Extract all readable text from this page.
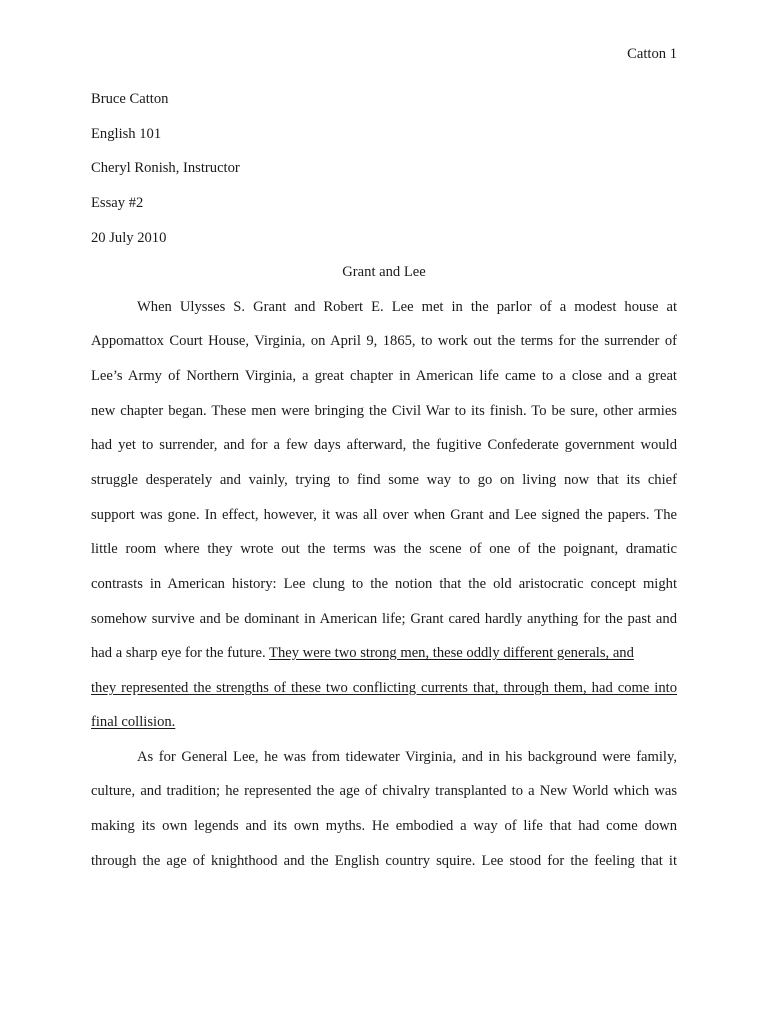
Catton 1
Bruce Catton
English 101
Cheryl Ronish, Instructor
Essay #2
20 July 2010
Grant and Lee
When Ulysses S. Grant and Robert E. Lee met in the parlor of a modest house at
Appomattox Court House, Virginia, on April 9, 1865, to work out the terms for the surrender of
Lee’s Army of Northern Virginia, a great chapter in American life came to a close and a great
new chapter began. These men were bringing the Civil War to its finish. To be sure, other armies
had yet to surrender, and for a few days afterward, the fugitive Confederate government would
struggle desperately and vainly, trying to find some way to go on living now that its chief
support was gone. In effect, however, it was all over when Grant and Lee signed the papers. The
little room where they wrote out the terms was the scene of one of the poignant, dramatic
contrasts in American history: Lee clung to the notion that the old aristocratic concept might
somehow survive and be dominant in American life; Grant cared hardly anything for the past and
had a sharp eye for the future. They were two strong men, these oddly different generals, and
they represented the strengths of these two conflicting currents that, through them, had come into
final collision.
As for General Lee, he was from tidewater Virginia, and in his background were family,
culture, and tradition; he represented the age of chivalry transplanted to a New World which was
making its own legends and its own myths. He embodied a way of life that had come down
through the age of knighthood and the English country squire. Lee stood for the feeling that it
